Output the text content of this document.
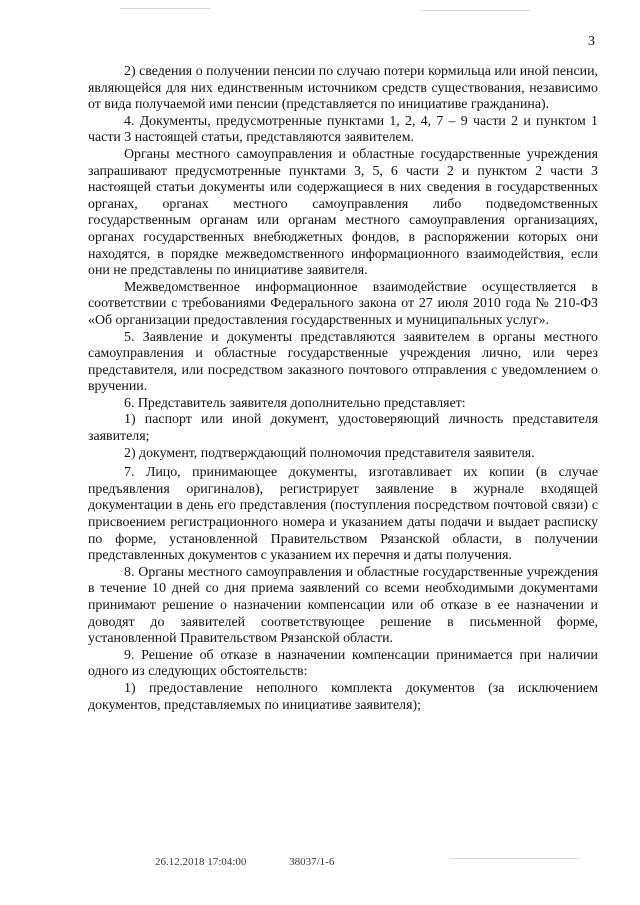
3

2) сведения о получении пенсии по случаю потери кормильца или иной пенсии, являющейся для них единственным источником средств существования, независимо от вида получаемой ими пенсии (представляется по инициативе гражданина).

4. Документы, предусмотренные пунктами 1, 2, 4, 7 – 9 части 2 и пунктом 1 части 3 настоящей статьи, представляются заявителем.

Органы местного самоуправления и областные государственные учреждения запрашивают предусмотренные пунктами 3, 5, 6 части 2 и пунктом 2 части 3 настоящей статьи документы или содержащиеся в них сведения в государственных органах, органах местного самоуправления либо подведомственных государственным органам или органам местного самоуправления организациях, органах государственных внебюджетных фондов, в распоряжении которых они находятся, в порядке межведомственного информационного взаимодействия, если они не представлены по инициативе заявителя.

Межведомственное информационное взаимодействие осуществляется в соответствии с требованиями Федерального закона от 27 июля 2010 года № 210-ФЗ «Об организации предоставления государственных и муниципальных услуг».

5. Заявление и документы представляются заявителем в органы местного самоуправления и областные государственные учреждения лично, или через представителя, или посредством заказного почтового отправления с уведомлением о вручении.

6. Представитель заявителя дополнительно представляет:

1) паспорт или иной документ, удостоверяющий личность представителя заявителя;

2) документ, подтверждающий полномочия представителя заявителя.

7. Лицо, принимающее документы, изготавливает их копии (в случае предъявления оригиналов), регистрирует заявление в журнале входящей документации в день его представления (поступления посредством почтовой связи) с присвоением регистрационного номера и указанием даты подачи и выдает расписку по форме, установленной Правительством Рязанской области, в получении представленных документов с указанием их перечня и даты получения.

8. Органы местного самоуправления и областные государственные учреждения в течение 10 дней со дня приема заявлений со всеми необходимыми документами принимают решение о назначении компенсации или об отказе в ее назначении и доводят до заявителей соответствующее решение в письменной форме, установленной Правительством Рязанской области.

9. Решение об отказе в назначении компенсации принимается при наличии одного из следующих обстоятельств:

1) предоставление неполного комплекта документов (за исключением документов, представляемых по инициативе заявителя);

26.12.2018 17:04:00	38037/1-6
